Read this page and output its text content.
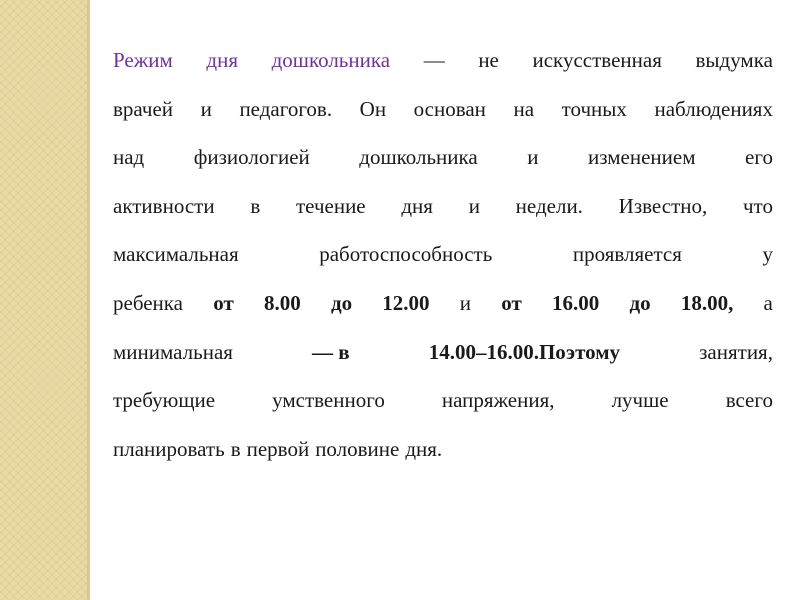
Режим дня дошкольника — не искусственная выдумка
врачей и педагогов. Он основан на точных наблюдениях
над физиологией дошкольника и изменением его
активности в течение дня и недели. Известно, что
максимальная	работоспособность	проявляется	у
ребенка от 8.00 до 12.00 и от 16.00 до 18.00, а
минимальная	— в	14.00–16.00.Поэтому	занятия,
требующие	умственного	напряжения,	лучше	всего
планировать в первой половине дня.
